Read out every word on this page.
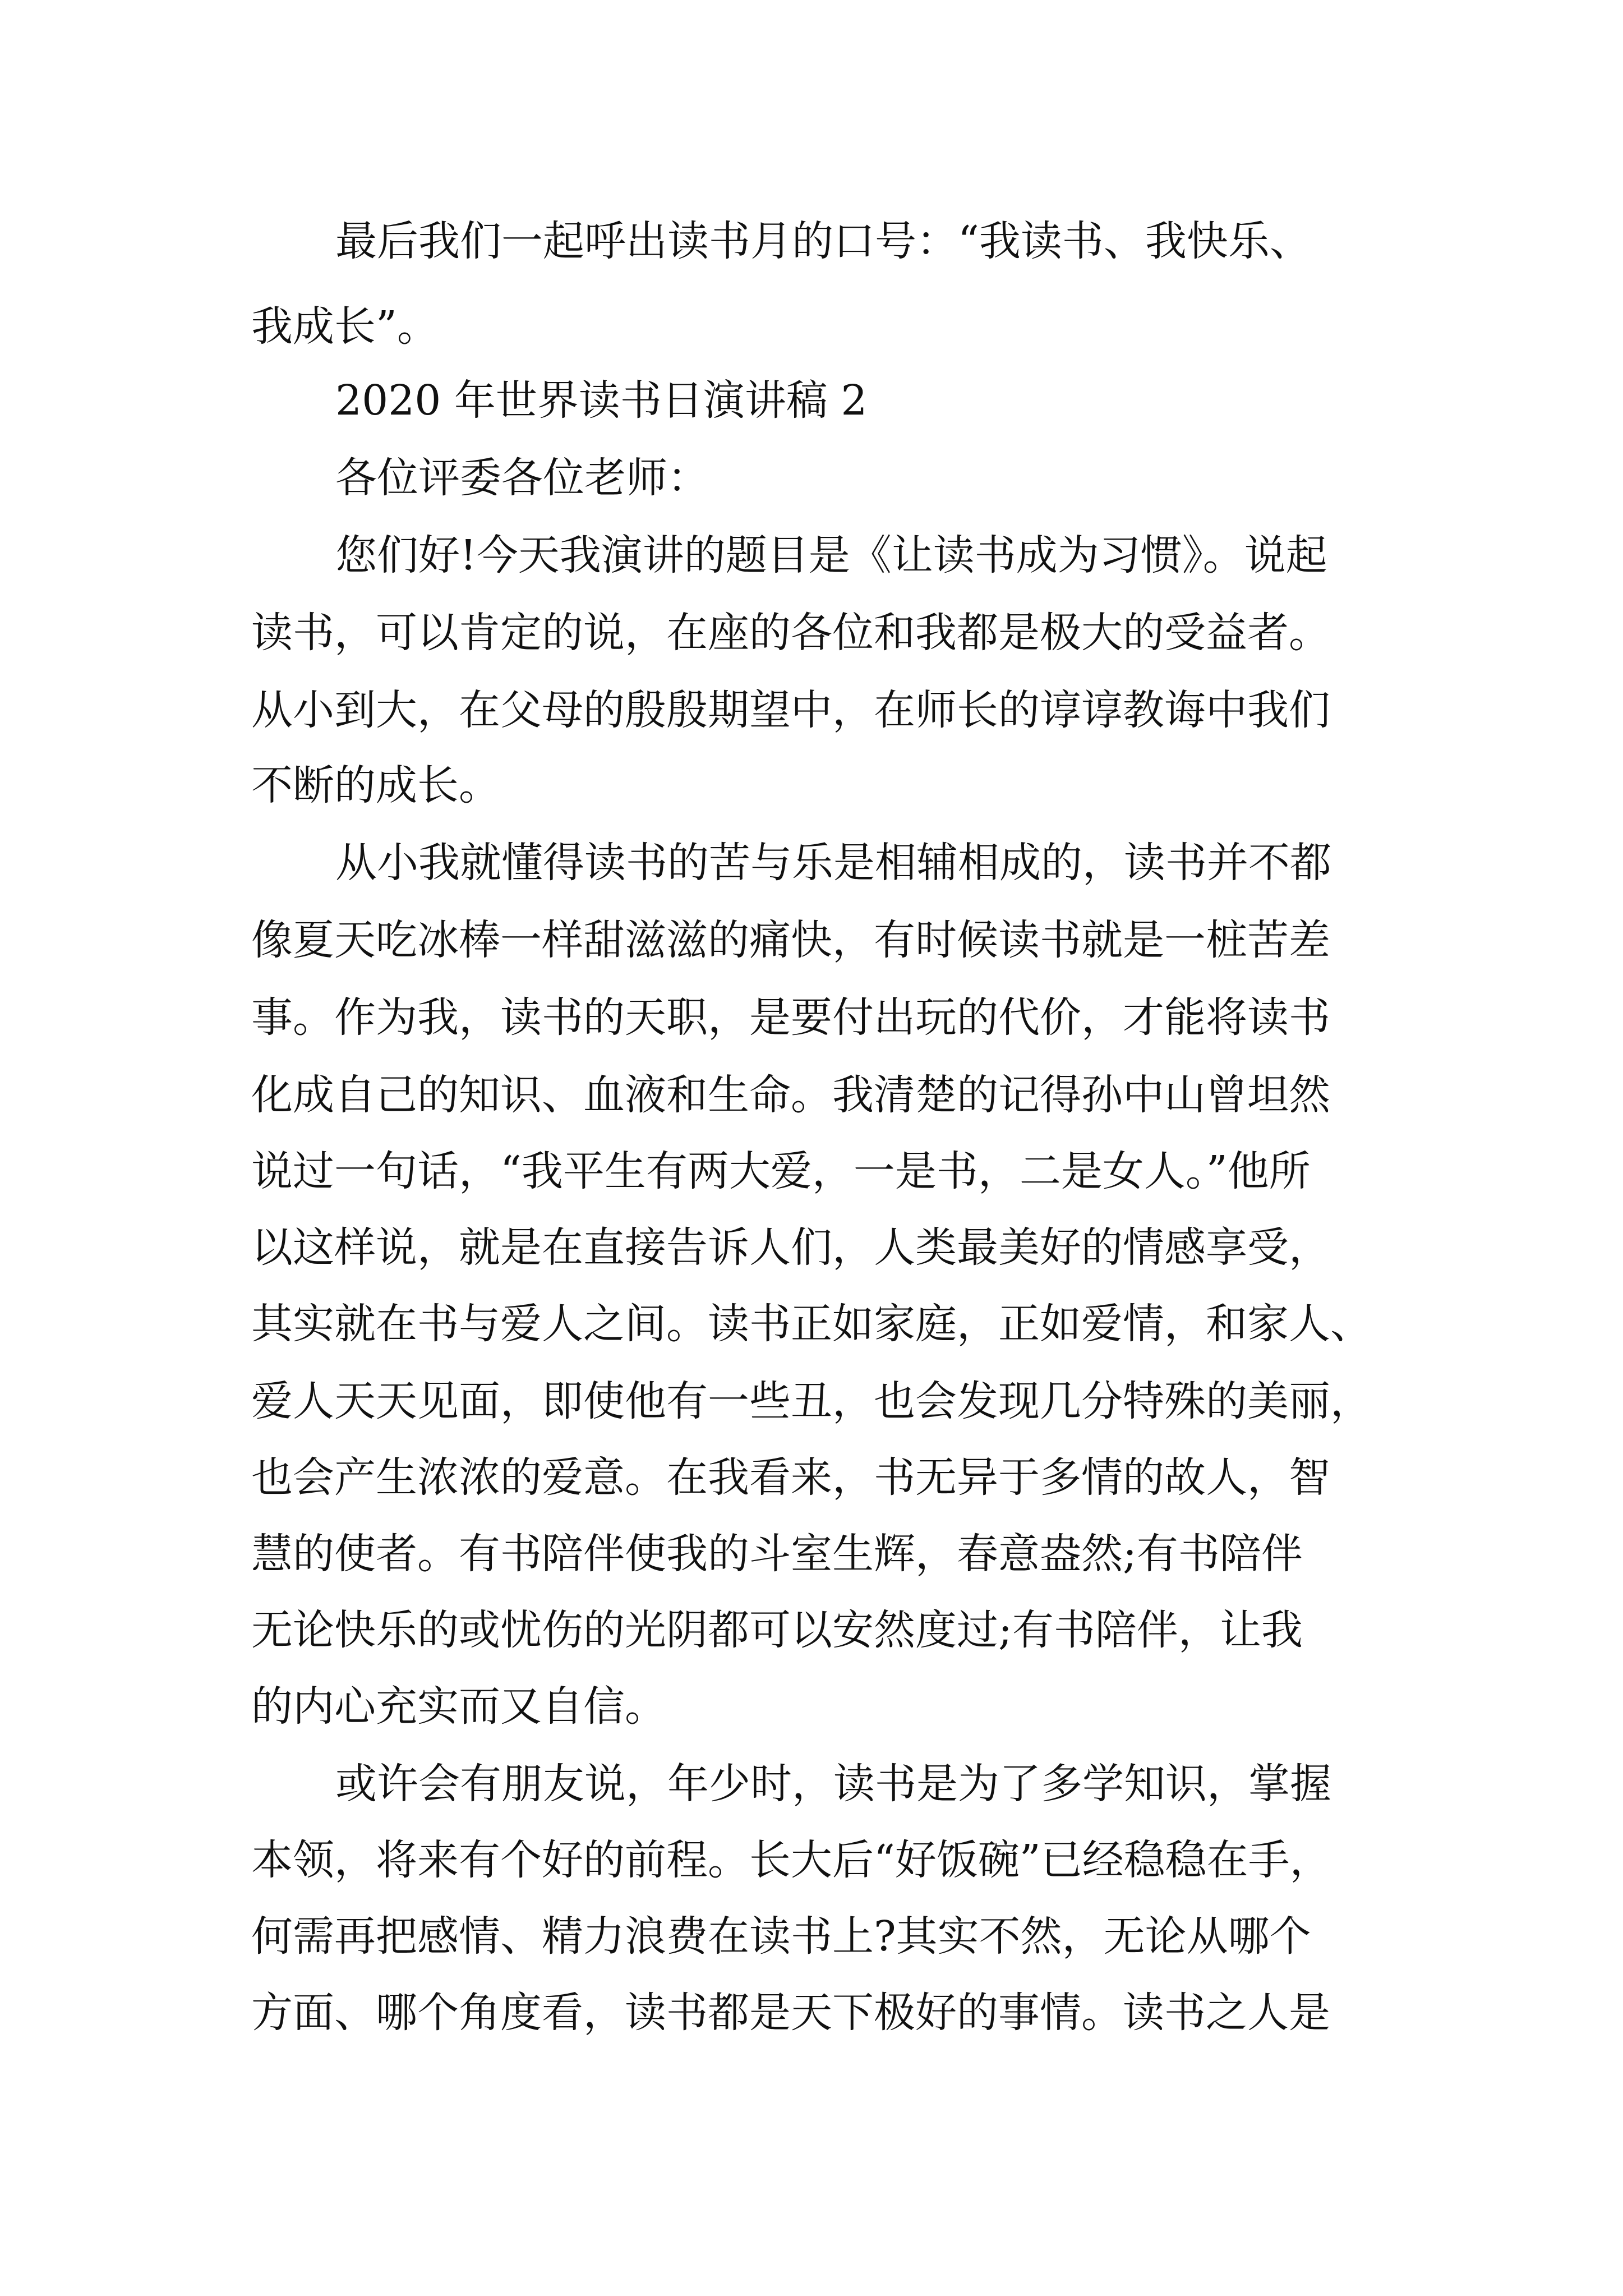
最后我们一起呼出读书月的口号：“我读书、我快乐、
我成长”。
2020 年世界读书日演讲稿 2
各位评委各位老师：
您们好!今天我演讲的题目是《让读书成为习惯》。说起
读书，可以肯定的说，在座的各位和我都是极大的受益者。
从小到大，在父母的殷殷期望中，在师长的谆谆教诲中我们
不断的成长。
从小我就懂得读书的苦与乐是相辅相成的，读书并不都
像夏天吃冰棒一样甜滋滋的痛快，有时候读书就是一桩苦差
事。作为我，读书的天职，是要付出玩的代价，才能将读书
化成自己的知识、血液和生命。我清楚的记得孙中山曾坦然
说过一句话，“我平生有两大爱，一是书，二是女人。”他所
以这样说，就是在直接告诉人们，人类最美好的情感享受，
其实就在书与爱人之间。读书正如家庭，正如爱情，和家人、
爱人天天见面，即使他有一些丑，也会发现几分特殊的美丽，
也会产生浓浓的爱意。在我看来，书无异于多情的故人，智
慧的使者。有书陪伴使我的斗室生辉，春意盎然;有书陪伴
无论快乐的或忧伤的光阴都可以安然度过;有书陪伴，让我
的内心充实而又自信。
或许会有朋友说，年少时，读书是为了多学知识，掌握
本领，将来有个好的前程。长大后“好饭碗”已经稳稳在手，
何需再把感情、精力浪费在读书上?其实不然，无论从哪个
方面、哪个角度看，读书都是天下极好的事情。读书之人是
